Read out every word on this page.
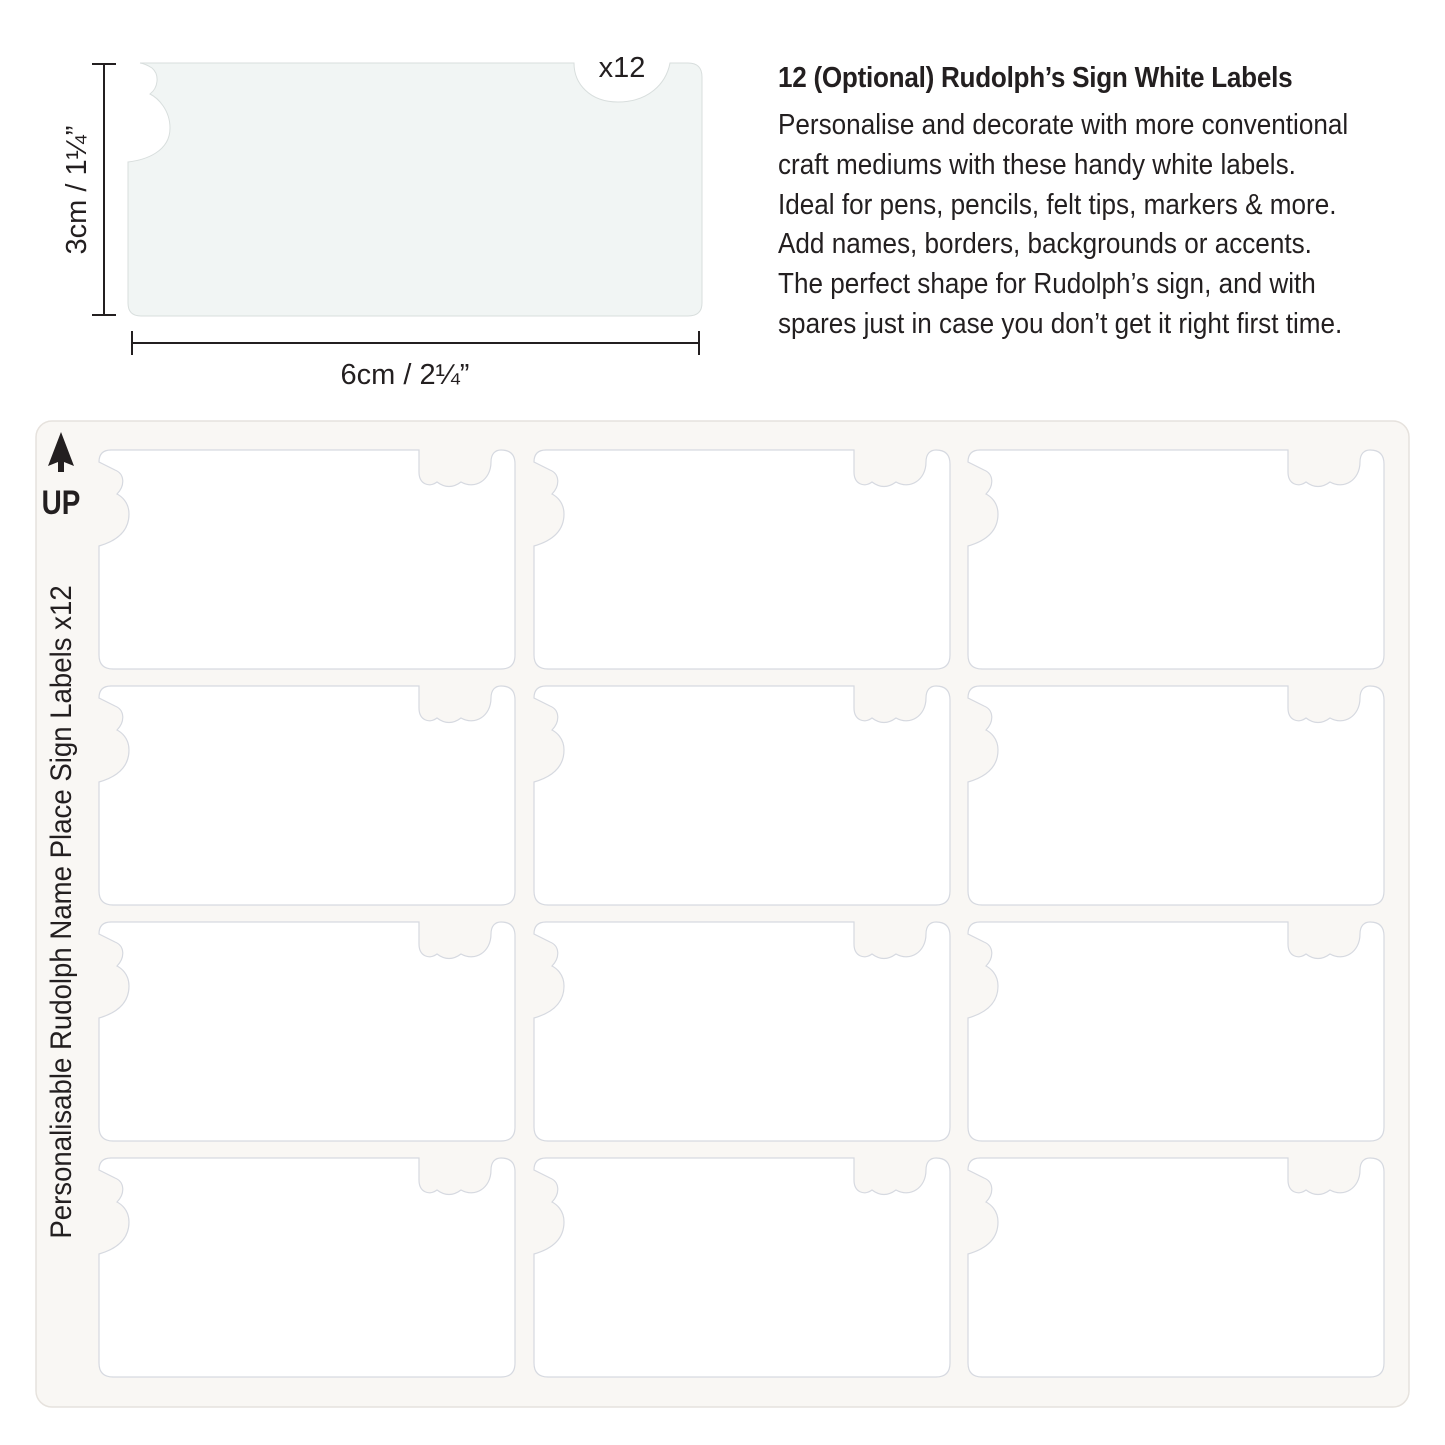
x12
3cm / 1¼”
6cm / 2¼”
12 (Optional) Rudolph’s Sign White Labels

Personalise and decorate with more conventional
craft mediums with these handy white labels.
Ideal for pens, pencils, felt tips, markers & more.
Add names, borders, backgrounds or accents.
The perfect shape for Rudolph’s sign, and with
spares just in case you don’t get it right first time.

UP
Personalisable Rudolph Name Place Sign Labels x12
